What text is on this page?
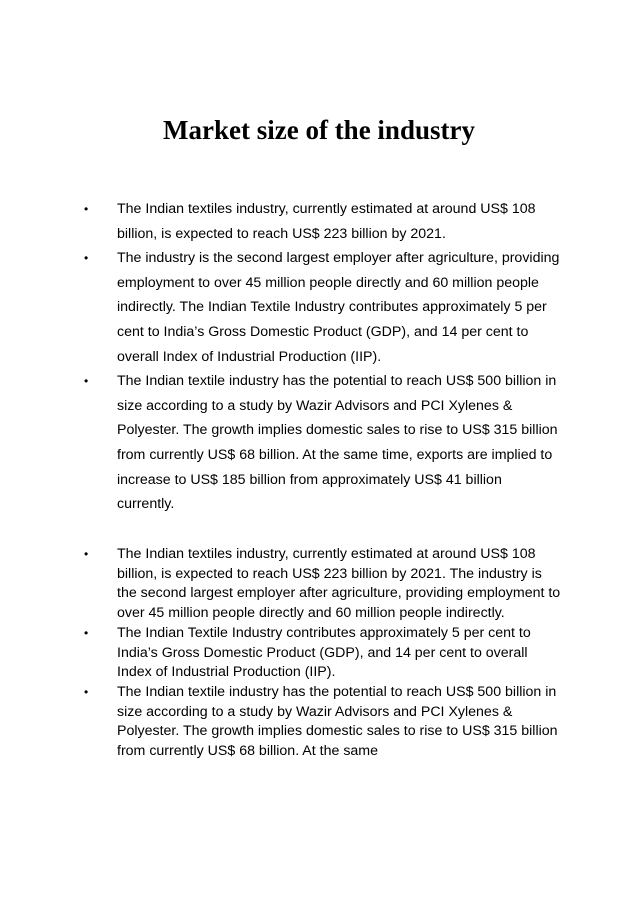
Market size of the industry
• The Indian textiles industry, currently estimated at around US$ 108 billion, is expected to reach US$ 223 billion by 2021.
• The industry is the second largest employer after agriculture, providing employment to over 45 million people directly and 60 million people indirectly. The Indian Textile Industry contributes approximately 5 per cent to India’s Gross Domestic Product (GDP), and 14 per cent to overall Index of Industrial Production (IIP).
• The Indian textile industry has the potential to reach US$ 500 billion in size according to a study by Wazir Advisors and PCI Xylenes & Polyester. The growth implies domestic sales to rise to US$ 315 billion from currently US$ 68 billion. At the same time, exports are implied to increase to US$ 185 billion from approximately US$ 41 billion currently.
• The Indian textiles industry, currently estimated at around US$ 108 billion, is expected to reach US$ 223 billion by 2021. The industry is the second largest employer after agriculture, providing employment to over 45 million people directly and 60 million people indirectly.
• The Indian Textile Industry contributes approximately 5 per cent to India’s Gross Domestic Product (GDP), and 14 per cent to overall Index of Industrial Production (IIP).
• The Indian textile industry has the potential to reach US$ 500 billion in size according to a study by Wazir Advisors and PCI Xylenes & Polyester. The growth implies domestic sales to rise to US$ 315 billion from currently US$ 68 billion. At the same
